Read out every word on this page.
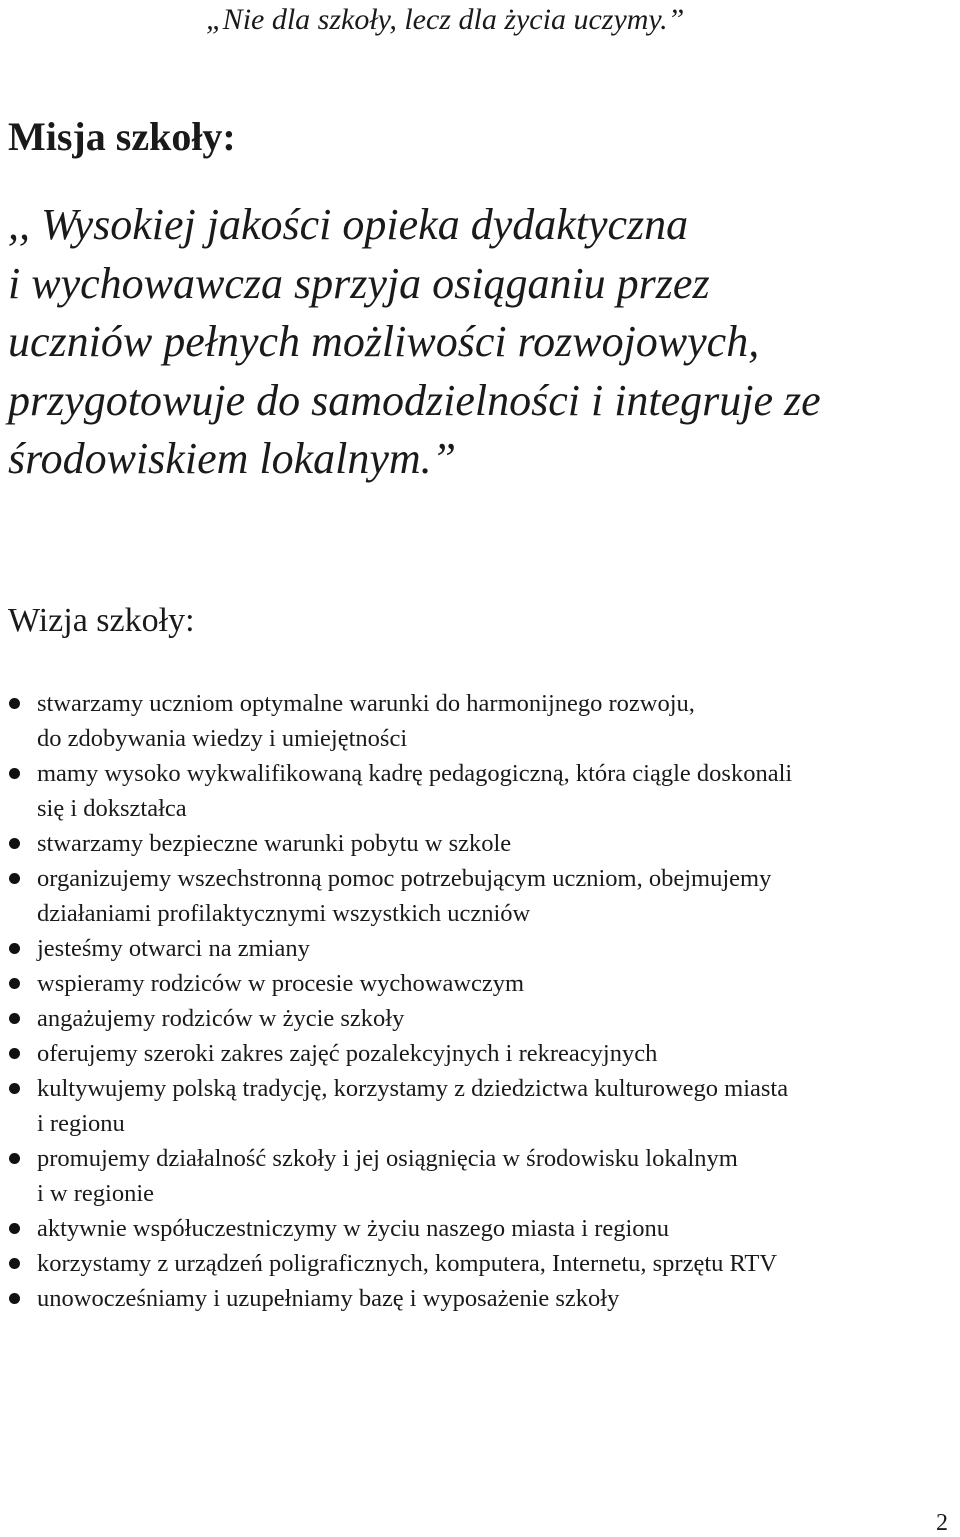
„Nie dla szkoły, lecz dla życia uczymy.”

Misja szkoły:

,, Wysokiej jakości opieka dydaktyczna
i wychowawcza sprzyja osiąganiu przez
uczniów pełnych możliwości rozwojowych,
przygotowuje do samodzielności i integruje ze
środowiskiem lokalnym.”

Wizja szkoły:
stwarzamy uczniom optymalne warunki do harmonijnego rozwoju,
do zdobywania wiedzy i umiejętności
mamy wysoko wykwalifikowaną kadrę pedagogiczną, która ciągle doskonali
się i dokształca
stwarzamy bezpieczne warunki pobytu w szkole
organizujemy wszechstronną pomoc potrzebującym uczniom, obejmujemy
działaniami profilaktycznymi wszystkich uczniów
jesteśmy otwarci na zmiany
wspieramy rodziców w procesie wychowawczym
angażujemy rodziców w życie szkoły
oferujemy szeroki zakres zajęć pozalekcyjnych i rekreacyjnych
kultywujemy polską tradycję, korzystamy z dziedzictwa kulturowego miasta
i regionu
promujemy działalność szkoły i jej osiągnięcia w środowisku lokalnym
i w regionie
aktywnie współuczestniczymy w życiu naszego miasta i regionu
korzystamy z urządzeń poligraficznych, komputera, Internetu, sprzętu RTV
unowocześniamy i uzupełniamy bazę i wyposażenie szkoły

2
